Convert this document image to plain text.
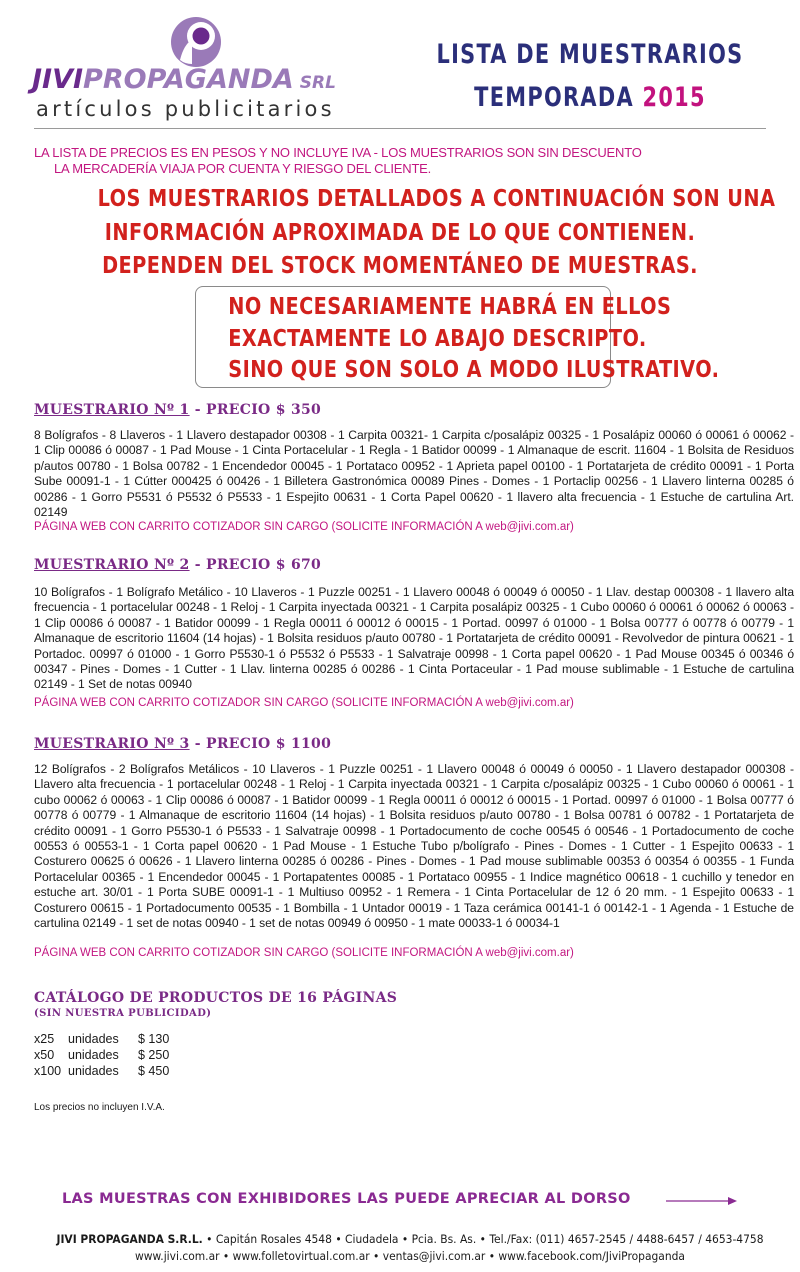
JIVIPROPAGANDA SRL
artículos publicitarios
LISTA DE MUESTRARIOS
TEMPORADA 2015
LA LISTA DE PRECIOS ES EN PESOS Y NO INCLUYE IVA - LOS MUESTRARIOS SON SIN DESCUENTO
LA MERCADERÍA VIAJA POR CUENTA Y RIESGO DEL CLIENTE.
LOS MUESTRARIOS DETALLADOS A CONTINUACIÓN SON UNA
INFORMACIÓN APROXIMADA DE LO QUE CONTIENEN.
DEPENDEN DEL STOCK MOMENTÁNEO DE MUESTRAS.
NO NECESARIAMENTE HABRÁ EN ELLOS
EXACTAMENTE LO ABAJO DESCRIPTO.
SINO QUE SON SOLO A MODO ILUSTRATIVO.
MUESTRARIO Nº 1 - PRECIO $ 350
8 Bolígrafos - 8 Llaveros - 1 Llavero destapador 00308 - 1 Carpita 00321- 1 Carpita c/posalápiz 00325 - 1 Posalápiz 00060 ó 00061 ó 00062 - 1 Clip 00086 ó 00087 - 1 Pad Mouse - 1 Cinta Portacelular - 1 Regla - 1 Batidor 00099 - 1 Almanaque de escrit. 11604 - 1 Bolsita de Residuos p/autos 00780 - 1 Bolsa 00782 - 1 Encendedor 00045 - 1 Portataco 00952 - 1 Aprieta papel 00100 - 1 Portatarjeta de crédito 00091 - 1 Porta Sube 00091-1 - 1 Cútter 000425 ó 00426 - 1 Billetera Gastronómica 00089 Pines - Domes - 1 Portaclip 00256 - 1 Llavero linterna 00285 ó 00286 - 1 Gorro P5531 ó P5532 ó P5533 - 1 Espejito 00631 - 1 Corta Papel 00620 - 1 llavero alta frecuencia - 1 Estuche de cartulina Art. 02149
PÁGINA WEB CON CARRITO COTIZADOR SIN CARGO (SOLICITE INFORMACIÓN A web@jivi.com.ar)
MUESTRARIO Nº 2 - PRECIO $ 670
10 Bolígrafos - 1 Bolígrafo Metálico - 10 Llaveros - 1 Puzzle 00251 - 1 Llavero 00048 ó 00049 ó 00050 - 1 Llav. destap 000308 - 1 llavero alta frecuencia - 1 portacelular 00248 - 1 Reloj - 1 Carpita inyectada 00321 - 1 Carpita posalápiz 00325 - 1 Cubo 00060 ó 00061 ó 00062 ó 00063 - 1 Clip 00086 ó 00087 - 1 Batidor 00099 - 1 Regla 00011 ó 00012 ó 00015 - 1 Portad. 00997 ó 01000 - 1 Bolsa 00777 ó 00778 ó 00779 - 1 Almanaque de escritorio 11604 (14 hojas) - 1 Bolsita residuos p/auto 00780 - 1 Portatarjeta de crédito 00091 - Revolvedor de pintura 00621 - 1 Portadoc. 00997 ó 01000 - 1 Gorro P5530-1 ó P5532 ó P5533 - 1 Salvatraje 00998 - 1 Corta papel 00620 - 1 Pad Mouse 00345 ó 00346 ó 00347 - Pines - Domes - 1 Cutter - 1 Llav. linterna 00285 ó 00286 - 1 Cinta Portaceular - 1 Pad mouse sublimable - 1 Estuche de cartulina 02149 - 1 Set de notas 00940
PÁGINA WEB CON CARRITO COTIZADOR SIN CARGO (SOLICITE INFORMACIÓN A web@jivi.com.ar)
MUESTRARIO Nº 3 - PRECIO $ 1100
12 Bolígrafos - 2 Bolígrafos Metálicos - 10 Llaveros - 1 Puzzle 00251 - 1 Llavero 00048 ó 00049 ó 00050 - 1 Llavero destapador 000308 - Llavero alta frecuencia - 1 portacelular 00248 - 1 Reloj - 1 Carpita inyectada 00321 - 1 Carpita c/posalápiz 00325 - 1 Cubo 00060 ó 00061 - 1 cubo 00062 ó 00063 - 1 Clip 00086 ó 00087 - 1 Batidor 00099 - 1 Regla 00011 ó 00012 ó 00015 - 1 Portad. 00997 ó 01000 - 1 Bolsa 00777 ó 00778 ó 00779 - 1 Almanaque de escritorio 11604 (14 hojas) - 1 Bolsita residuos p/auto 00780 - 1 Bolsa 00781 ó 00782 - 1 Portatarjeta de crédito 00091 - 1 Gorro P5530-1 ó P5533 - 1 Salvatraje 00998 - 1 Portadocumento de coche 00545 ó 00546 - 1 Portadocumento de coche 00553 ó 00553-1 - 1 Corta papel 00620 - 1 Pad Mouse - 1 Estuche Tubo p/bolígrafo - Pines - Domes - 1 Cutter - 1 Espejito 00633 - 1 Costurero 00625 ó 00626 - 1 Llavero linterna 00285 ó 00286 - Pines - Domes - 1 Pad mouse sublimable 00353 ó 00354 ó 00355 - 1 Funda Portacelular 00365 - 1 Encendedor 00045 - 1 Portapatentes 00085 - 1 Portataco 00955 - 1 Indice magnético 00618 - 1 cuchillo y tenedor en estuche art. 30/01 - 1 Porta SUBE 00091-1 - 1 Multiuso 00952 - 1 Remera - 1 Cinta Portacelular de 12 ó 20 mm. - 1 Espejito 00633 - 1 Costurero 00615 - 1 Portadocumento 00535 - 1 Bombilla - 1 Untador 00019 - 1 Taza cerámica 00141-1 ó 00142-1 - 1 Agenda - 1 Estuche de cartulina 02149 - 1 set de notas 00940 - 1 set de notas 00949 ó 00950 - 1 mate 00033-1 ó 00034-1
PÁGINA WEB CON CARRITO COTIZADOR SIN CARGO (SOLICITE INFORMACIÓN A web@jivi.com.ar)
CATÁLOGO DE PRODUCTOS DE 16 PÁGINAS
(SIN NUESTRA PUBLICIDAD)
x25 unidades $ 130
x50 unidades $ 250
x100 unidades $ 450
Los precios no incluyen I.V.A.
LAS MUESTRAS CON EXHIBIDORES LAS PUEDE APRECIAR AL DORSO
JIVI PROPAGANDA S.R.L. • Capitán Rosales 4548 • Ciudadela • Pcia. Bs. As. • Tel./Fax: (011) 4657-2545 / 4488-6457 / 4653-4758
www.jivi.com.ar • www.folletovirtual.com.ar • ventas@jivi.com.ar • www.facebook.com/JiviPropaganda
